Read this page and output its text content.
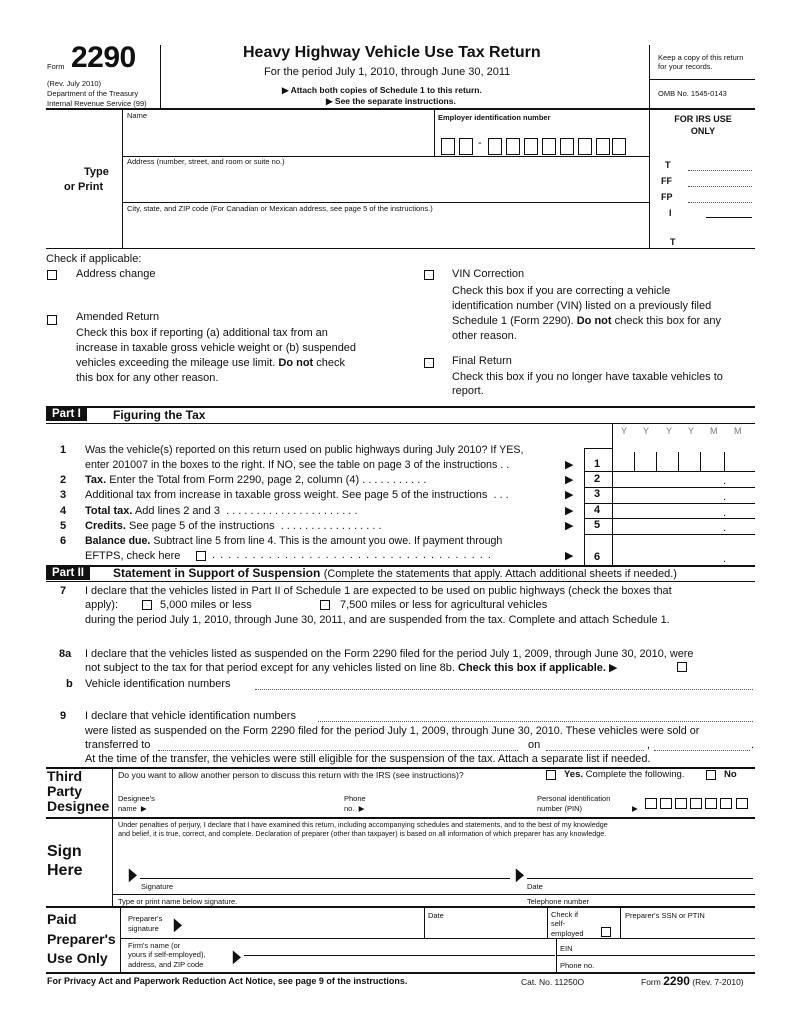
Form 2290
(Rev. July 2010)
Department of the Treasury
Internal Revenue Service (99)
Heavy Highway Vehicle Use Tax Return
For the period July 1, 2010, through June 30, 2011
▶ Attach both copies of Schedule 1 to this return.
▶ See the separate instructions.
Keep a copy of this return for your records.
OMB No. 1545-0143
Type
or Print
Name	Employer identification number
-
Address (number, street, and room or suite no.)
City, state, and ZIP code (For Canadian or Mexican address, see page 5 of the instructions.)
FOR IRS USE ONLY
T
FF
FP
I
T
Check if applicable:
Address change
Amended Return
Check this box if reporting (a) additional tax from an
increase in taxable gross vehicle weight or (b) suspended
vehicles exceeding the mileage use limit. Do not check
this box for any other reason.
VIN Correction
Check this box if you are correcting a vehicle
identification number (VIN) listed on a previously filed
Schedule 1 (Form 2290). Do not check this box for any
other reason.
Final Return
Check this box if you no longer have taxable vehicles to
report.
Part I	Figuring the Tax
Y Y Y Y M M
1 Was the vehicle(s) reported on this return used on public highways during July 2010? If YES,
enter 201007 in the boxes to the right. If NO, see the table on page 3 of the instructions . .	▶ 1
2 Tax. Enter the Total from Form 2290, page 2, column (4) . . . . . . . . . . .	▶ 2	.
3 Additional tax from increase in taxable gross weight. See page 5 of the instructions  . . .	▶ 3	.
4 Total tax. Add lines 2 and 3  . . . . . . . . . . . . . . . . . . . . . .	▶ 4	.
5 Credits. See page 5 of the instructions  . . . . . . . . . . . . . . . . .	▶ 5	.
6 Balance due. Subtract line 5 from line 4. This is the amount you owe. If payment through
EFTPS, check here	. . . . . . . . . . . . . . . . . . . . . . . . . . . . . . . . . . .	▶ 6	.
Part II	Statement in Support of Suspension (Complete the statements that apply. Attach additional sheets if needed.)
7 I declare that the vehicles listed in Part II of Schedule 1 are expected to be used on public highways (check the boxes that
apply):	5,000 miles or less	7,500 miles or less for agricultural vehicles
during the period July 1, 2010, through June 30, 2011, and are suspended from the tax. Complete and attach Schedule 1.
8a I declare that the vehicles listed as suspended on the Form 2290 filed for the period July 1, 2009, through June 30, 2010, were
not subject to the tax for that period except for any vehicles listed on line 8b. Check this box if applicable. ▶
b Vehicle identification numbers
9 I declare that vehicle identification numbers
were listed as suspended on the Form 2290 filed for the period July 1, 2009, through June 30, 2010. These vehicles were sold or
transferred to	on	,	.
At the time of the transfer, the vehicles were still eligible for the suspension of the tax. Attach a separate list if needed.
Third
Party
Designee
Do you want to allow another person to discuss this return with the IRS (see instructions)?	Yes. Complete the following.	No
Designee's
name  ▶
Phone
no.  ▶
Personal identification
number (PIN)	▶
Sign
Here
Under penalties of perjury, I declare that I have examined this return, including accompanying schedules and statements, and to the best of my knowledge
and belief, it is true, correct, and complete. Declaration of preparer (other than taxpayer) is based on all information of which preparer has any knowledge.
▶	▶
Signature	Date
Type or print name below signature.	Telephone number
Paid
Preparer's
Use Only
Preparer's
signature ▶	Date	Check if
self-
employed
Preparer's SSN or PTIN
Firm's name (or
yours if self-employed),
address, and ZIP code ▶	EIN
Phone no.
For Privacy Act and Paperwork Reduction Act Notice, see page 9 of the instructions.	Cat. No. 11250O	Form 2290 (Rev. 7-2010)
